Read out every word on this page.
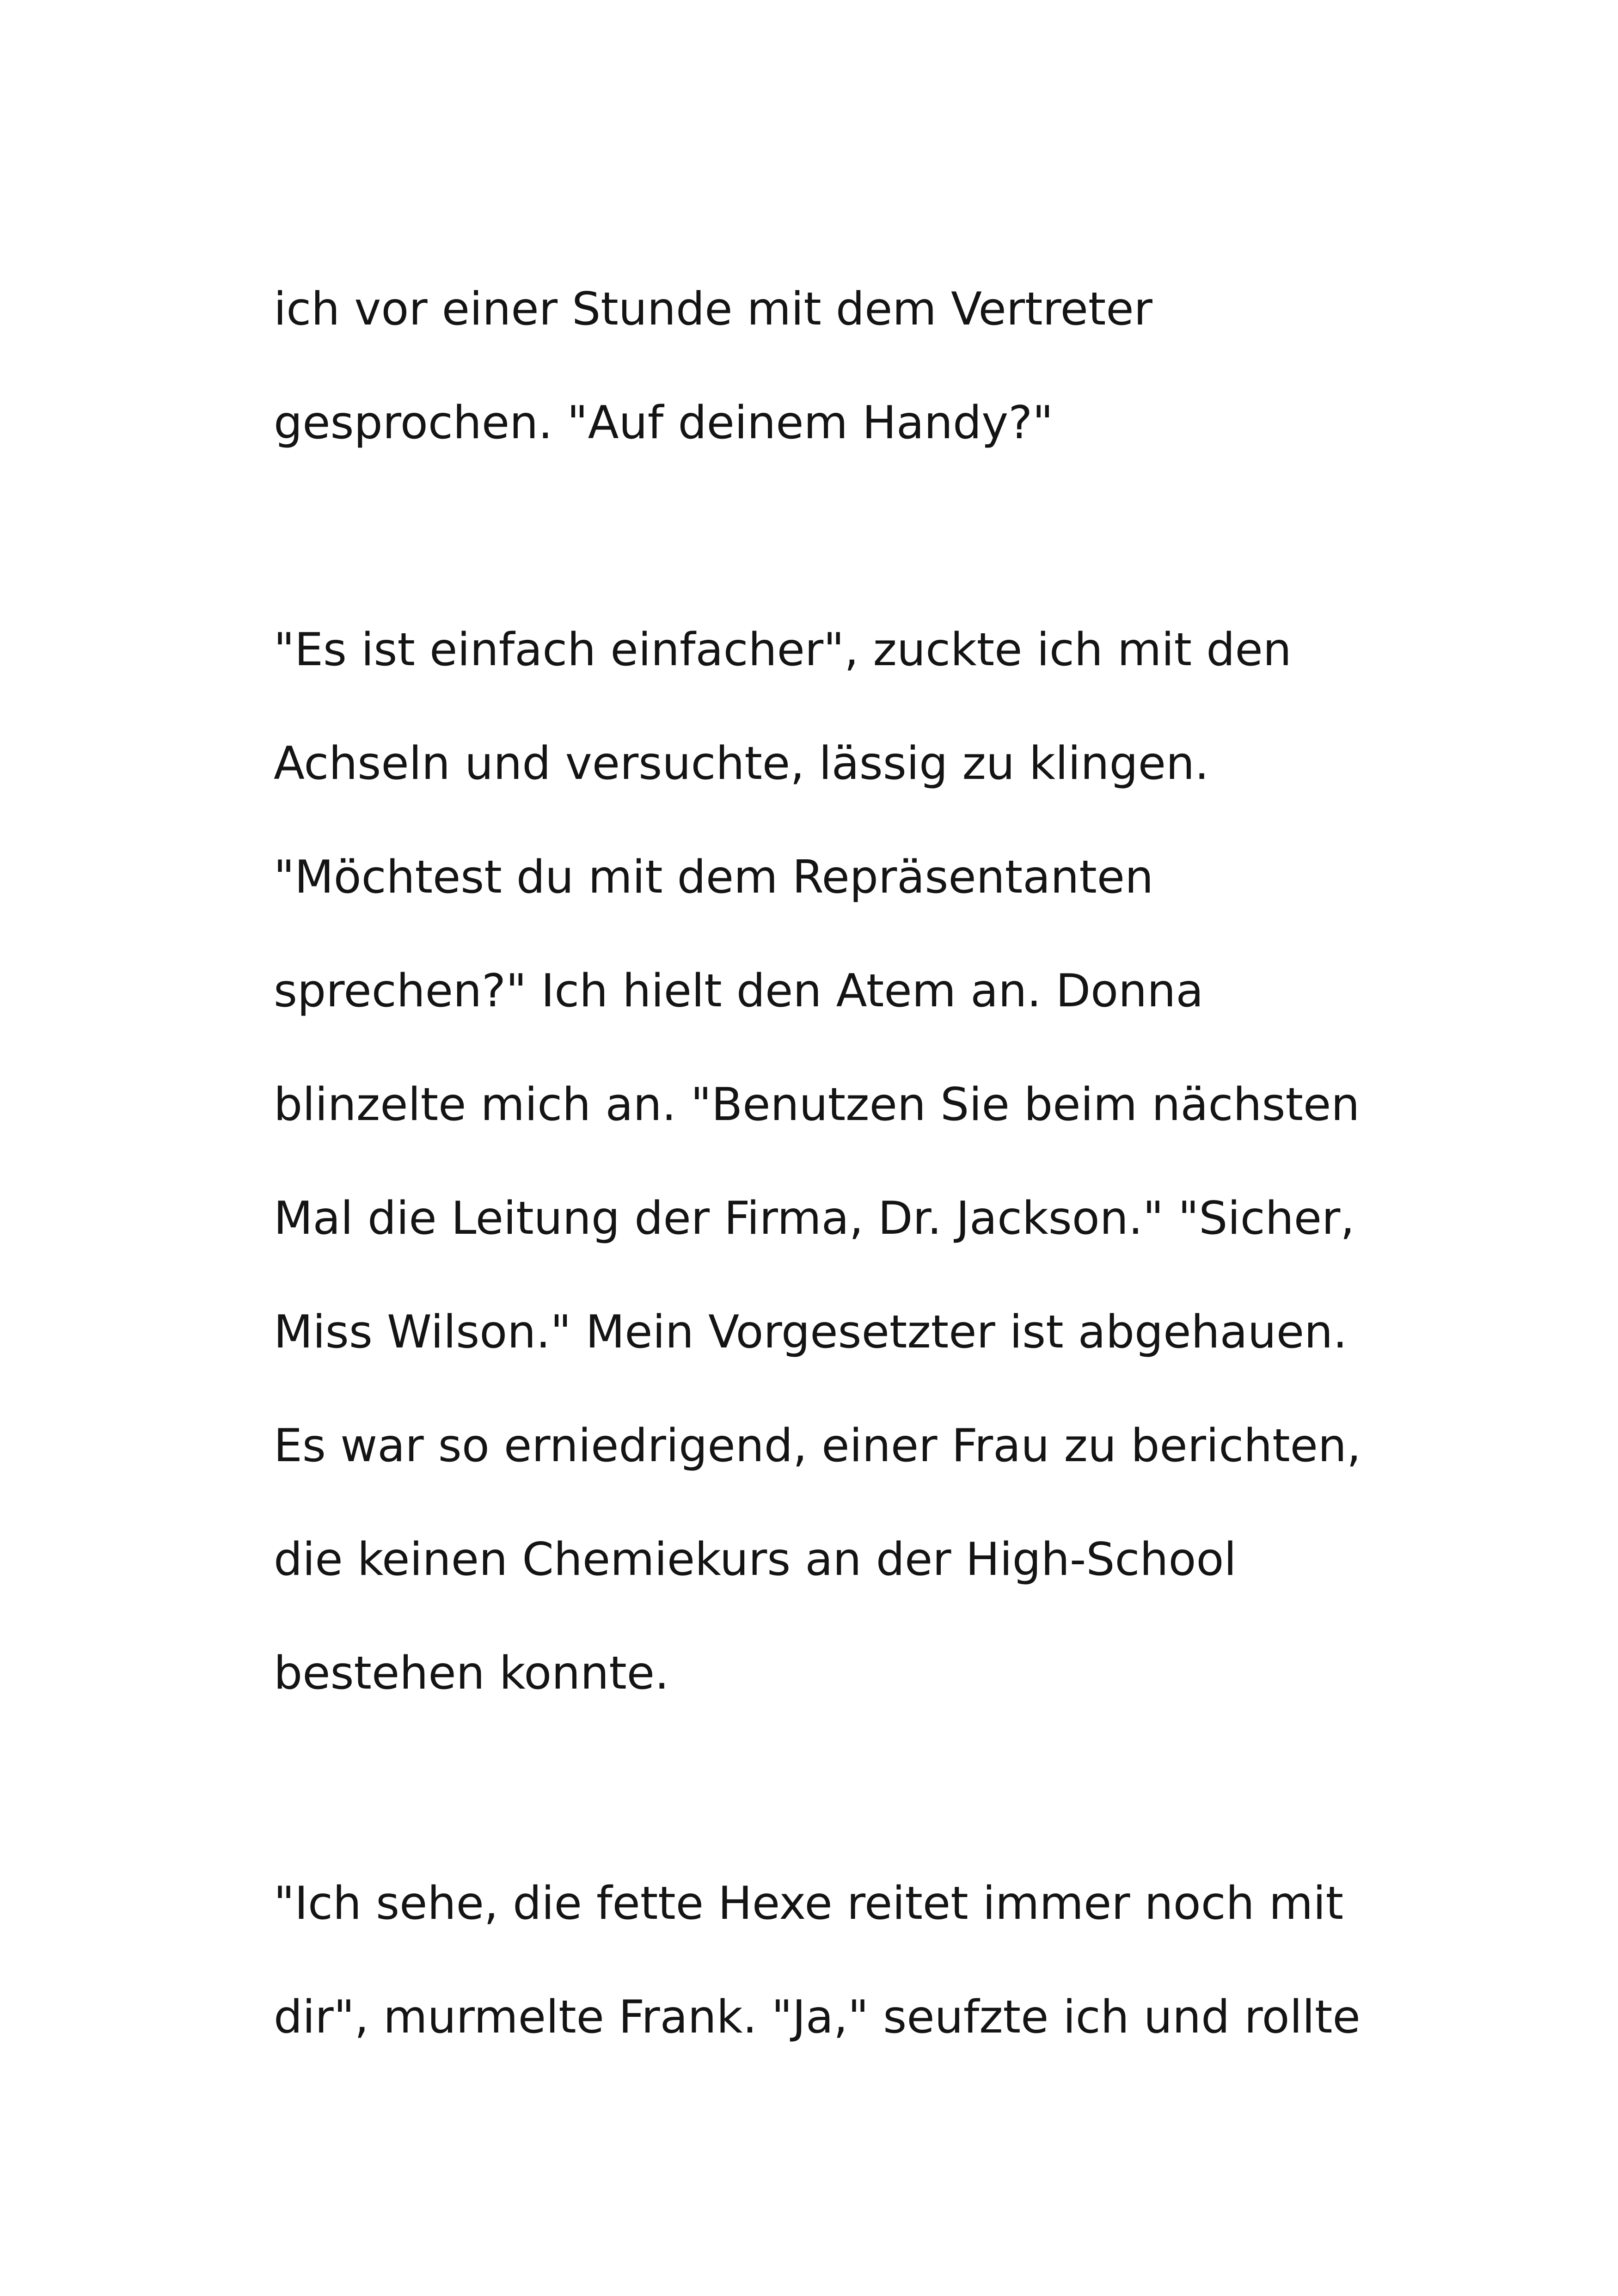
ich vor einer Stunde mit dem Vertreter
gesprochen. "Auf deinem Handy?"
"Es ist einfach einfacher", zuckte ich mit den
Achseln und versuchte, lässig zu klingen.
"Möchtest du mit dem Repräsentanten
sprechen?" Ich hielt den Atem an. Donna
blinzelte mich an. "Benutzen Sie beim nächsten
Mal die Leitung der Firma, Dr. Jackson." "Sicher,
Miss Wilson." Mein Vorgesetzter ist abgehauen.
Es war so erniedrigend, einer Frau zu berichten,
die keinen Chemiekurs an der High-School
bestehen konnte.
"Ich sehe, die fette Hexe reitet immer noch mit
dir", murmelte Frank. "Ja," seufzte ich und rollte
